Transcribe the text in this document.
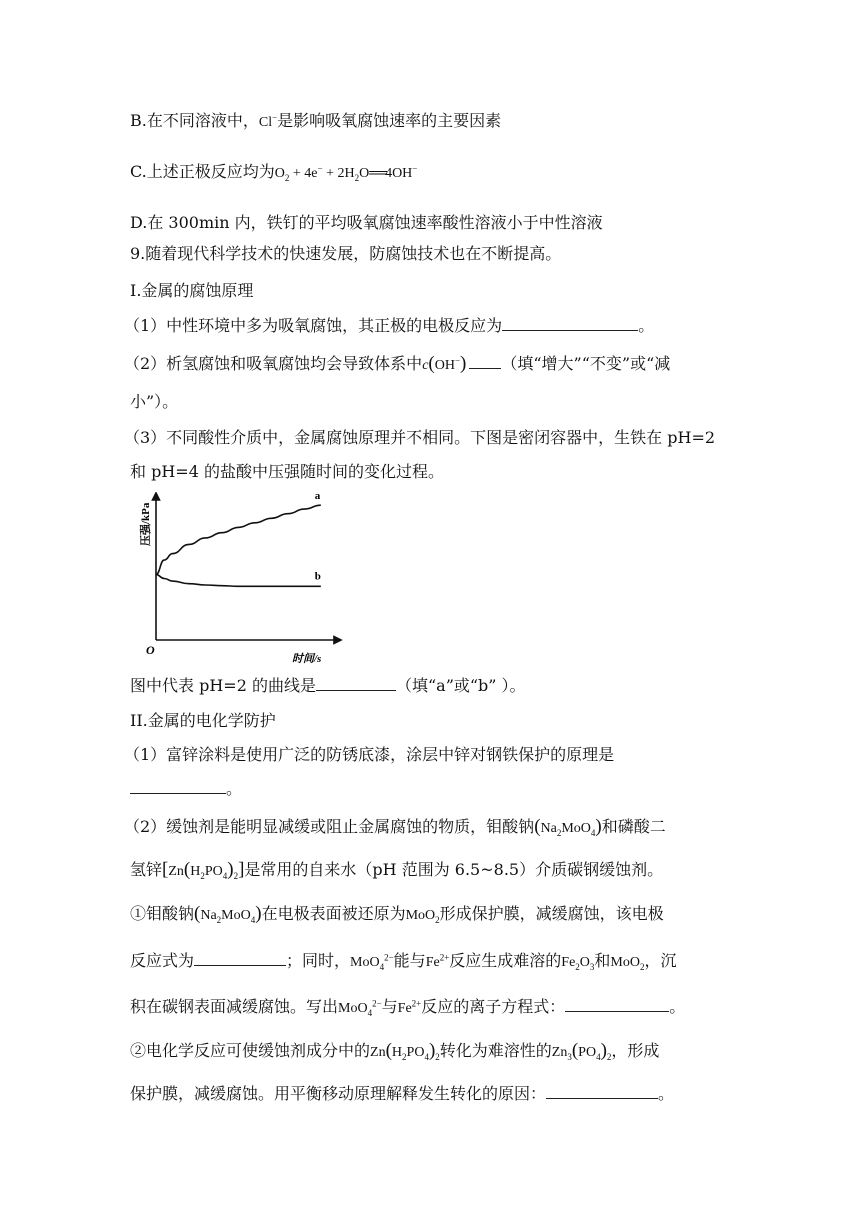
B.在不同溶液中，Cl−是影响吸氧腐蚀速率的主要因素
C.上述正极反应均为$O_2 + 4e^-$ + $2H_2O══4OH^-$
D.在 300min 内，铁钉的平均吸氧腐蚀速率酸性溶液小于中性溶液
9.随着现代科学技术的快速发展，防腐蚀技术也在不断提高。
I.金属的腐蚀原理
（1）中性环境中多为吸氧腐蚀，其正极的电极反应为	。
（2）析氢腐蚀和吸氧腐蚀均会导致体系中c(OH−) （填“增大”“不变”或“减
小”）。
（3）不同酸性介质中，金属腐蚀原理并不相同。下图是密闭容器中，生铁在 pH=2
和 pH=4 的盐酸中压强随时间的变化过程。
压强/kPa
时间/s
O
a
b
图中代表 pH=2 的曲线是	（填“a”或“b” ）。
II.金属的电化学防护
（1）富锌涂料是使用广泛的防锈底漆，涂层中锌对钢铁保护的原理是
。
（2）缓蚀剂是能明显减缓或阻止金属腐蚀的物质，钼酸钠$(Na_2MoO_4)$和磷酸二
氢锌$[Zn(H_2PO_4)_2]$是常用的自来水（pH 范围为 6.5~8.5）介质碳钢缓蚀剂。
①钼酸钠$(Na_2MoO_4)$在电极表面被还原为MoO$_2$形成保护膜，减缓腐蚀，该电极
反应式为	；同时，MoO$_4^{2-}$能与$Fe^{2+}$反应生成难溶的$Fe_2O_3$和MoO$_2$，沉
积在碳钢表面减缓腐蚀。写出MoO$_4^{2-}$与$Fe^{2+}$反应的离子方程式：	。
②电化学反应可使缓蚀剂成分中的$Zn(H_2PO_4)_2$转化为难溶性的$Zn_3(PO_4)_2$，形成
保护膜，减缓腐蚀。用平衡移动原理解释发生转化的原因：	。
